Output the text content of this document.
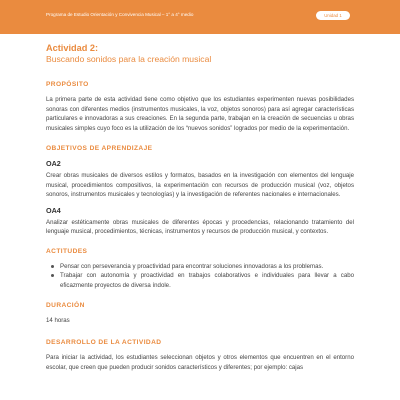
Programa de Estudio Orientación y Convivencia Musical – 1° a 4° medio	Unidad 1

Actividad 2:

Buscando sonidos para la creación musical

PROPÓSITO

La primera parte de esta actividad tiene como objetivo que los estudiantes experimenten nuevas posibilidades sonoras con diferentes medios (instrumentos musicales, la voz, objetos sonoros) para así agregar características particulares e innovadoras a sus creaciones. En la segunda parte, trabajan en la creación de secuencias u obras musicales simples cuyo foco es la utilización de los “nuevos sonidos” logrados por medio de la experimentación.

OBJETIVOS DE APRENDIZAJE
OA2

Crear obras musicales de diversos estilos y formatos, basados en la investigación con elementos del lenguaje musical, procedimientos compositivos, la experimentación con recursos de producción musical (voz, objetos sonoros, instrumentos musicales y tecnologías) y la investigación de referentes nacionales e internacionales.

OA4

Analizar estéticamente obras musicales de diferentes épocas y procedencias, relacionando tratamiento del lenguaje musical, procedimientos, técnicas, instrumentos y recursos de producción musical, y contextos.

ACTITUDES
Pensar con perseverancia y proactividad para encontrar soluciones innovadoras a los problemas.
Trabajar con autonomía y proactividad en trabajos colaborativos e individuales para llevar a cabo eficazmente proyectos de diversa índole.
DURACIÓN

14 horas

DESARROLLO DE LA ACTIVIDAD

Para iniciar la actividad, los estudiantes seleccionan objetos y otros elementos que encuentren en el entorno escolar, que creen que pueden producir sonidos característicos y diferentes; por ejemplo: cajas
